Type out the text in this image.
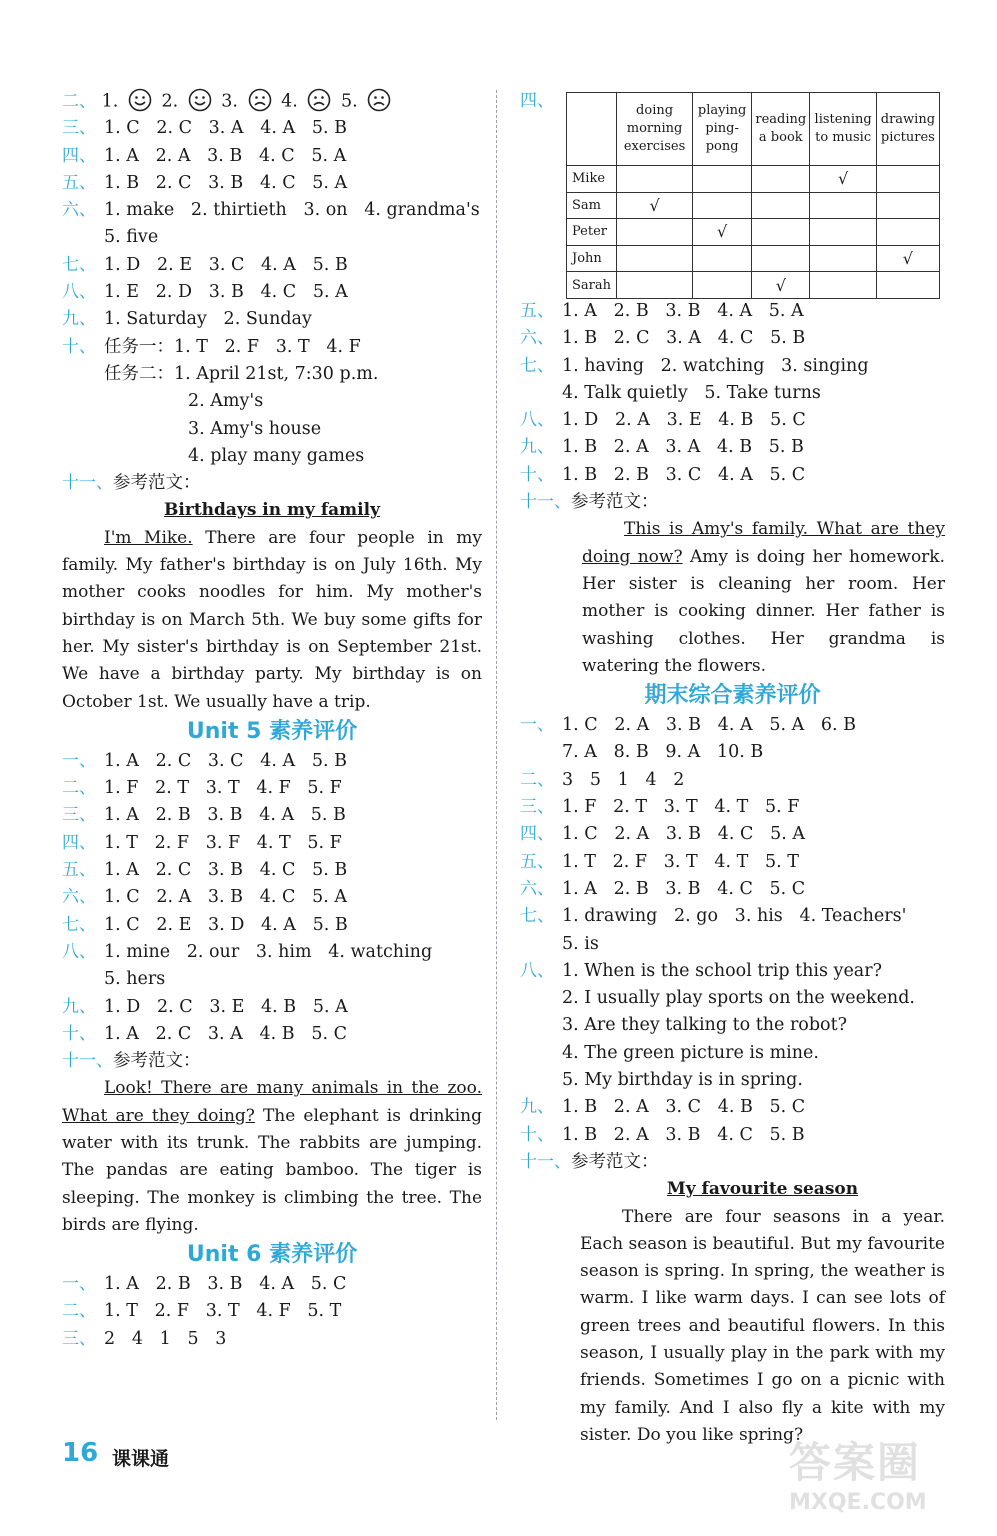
二、 1. 2. 3. 4. 5.
三、 1. C   2. C   3. A   4. A   5. B
四、 1. A   2. A   3. B   4. C   5. A
五、 1. B   2. C   3. B   4. C   5. A
六、 1. make   2. thirtieth   3. on   4. grandma's
5. five
七、 1. D   2. E   3. C   4. A   5. B
八、 1. E   2. D   3. B   4. C   5. A
九、 1. Saturday   2. Sunday
十、 任务一：1. T   2. F   3. T   4. F
任务二：1. April 21st, 7:30 p.m.
2. Amy's
3. Amy's house
4. play many games
十一、参考范文：
Birthdays in my family
I'm Mike. There are four people in my family. My father's birthday is on July 16th. My mother cooks noodles for him. My mother's birthday is on March 5th. We buy some gifts for her. My sister's birthday is on September 21st. We have a birthday party. My birthday is on October 1st. We usually have a trip.
Unit 5 素养评价
一、 1. A   2. C   3. C   4. A   5. B
二、 1. F   2. T   3. T   4. F   5. F
三、 1. A   2. B   3. B   4. A   5. B
四、 1. T   2. F   3. F   4. T   5. F
五、 1. A   2. C   3. B   4. C   5. B
六、 1. C   2. A   3. B   4. C   5. A
七、 1. C   2. E   3. D   4. A   5. B
八、 1. mine   2. our   3. him   4. watching
5. hers
九、 1. D   2. C   3. E   4. B   5. A
十、 1. A   2. C   3. A   4. B   5. C
十一、参考范文：
Look! There are many animals in the zoo. What are they doing? The elephant is drinking water with its trunk. The rabbits are jumping. The pandas are eating bamboo. The tiger is sleeping. The monkey is climbing the tree. The birds are flying.
Unit 6 素养评价
一、 1. A   2. B   3. B   4. A   5. C
二、 1. T   2. F   3. T   4. F   5. T
三、 2   4   1   5   3
四、
五、 1. A   2. B   3. B   4. A   5. A
六、 1. B   2. C   3. A   4. C   5. B
七、 1. having   2. watching   3. singing
4. Talk quietly   5. Take turns
八、 1. D   2. A   3. E   4. B   5. C
九、 1. B   2. A   3. A   4. B   5. B
十、 1. B   2. B   3. C   4. A   5. C
十一、参考范文：
This is Amy's family. What are they doing now? Amy is doing her homework. Her sister is cleaning her room. Her mother is cooking dinner. Her father is washing clothes. Her grandma is watering the flowers.
期末综合素养评价
一、 1. C   2. A   3. B   4. A   5. A   6. B
7. A   8. B   9. A   10. B
二、 3   5   1   4   2
三、 1. F   2. T   3. T   4. T   5. F
四、 1. C   2. A   3. B   4. C   5. A
五、 1. T   2. F   3. T   4. T   5. T
六、 1. A   2. B   3. B   4. C   5. C
七、 1. drawing   2. go   3. his   4. Teachers'
5. is
八、 1. When is the school trip this year?
2. I usually play sports on the weekend.
3. Are they talking to the robot?
4. The green picture is mine.
5. My birthday is in spring.
九、 1. B   2. A   3. C   4. B   5. C
十、 1. B   2. A   3. B   4. C   5. B
十一、参考范文：
My favourite season
There are four seasons in a year. Each season is beautiful. But my favourite season is spring. In spring, the weather is warm. I like warm days. I can see lots of green trees and beautiful flowers. In this season, I usually play in the park with my friends. Sometimes I go on a picnic with my family. And I also fly a kite with my sister. Do you like spring?
	doing morning exercises	playing ping-pong	reading a book	listening to music	drawing pictures
Mike				√	
Sam	√				
Peter		√			
John					√
Sarah			√		
16 课课通	答案圈
MXQE.COM
